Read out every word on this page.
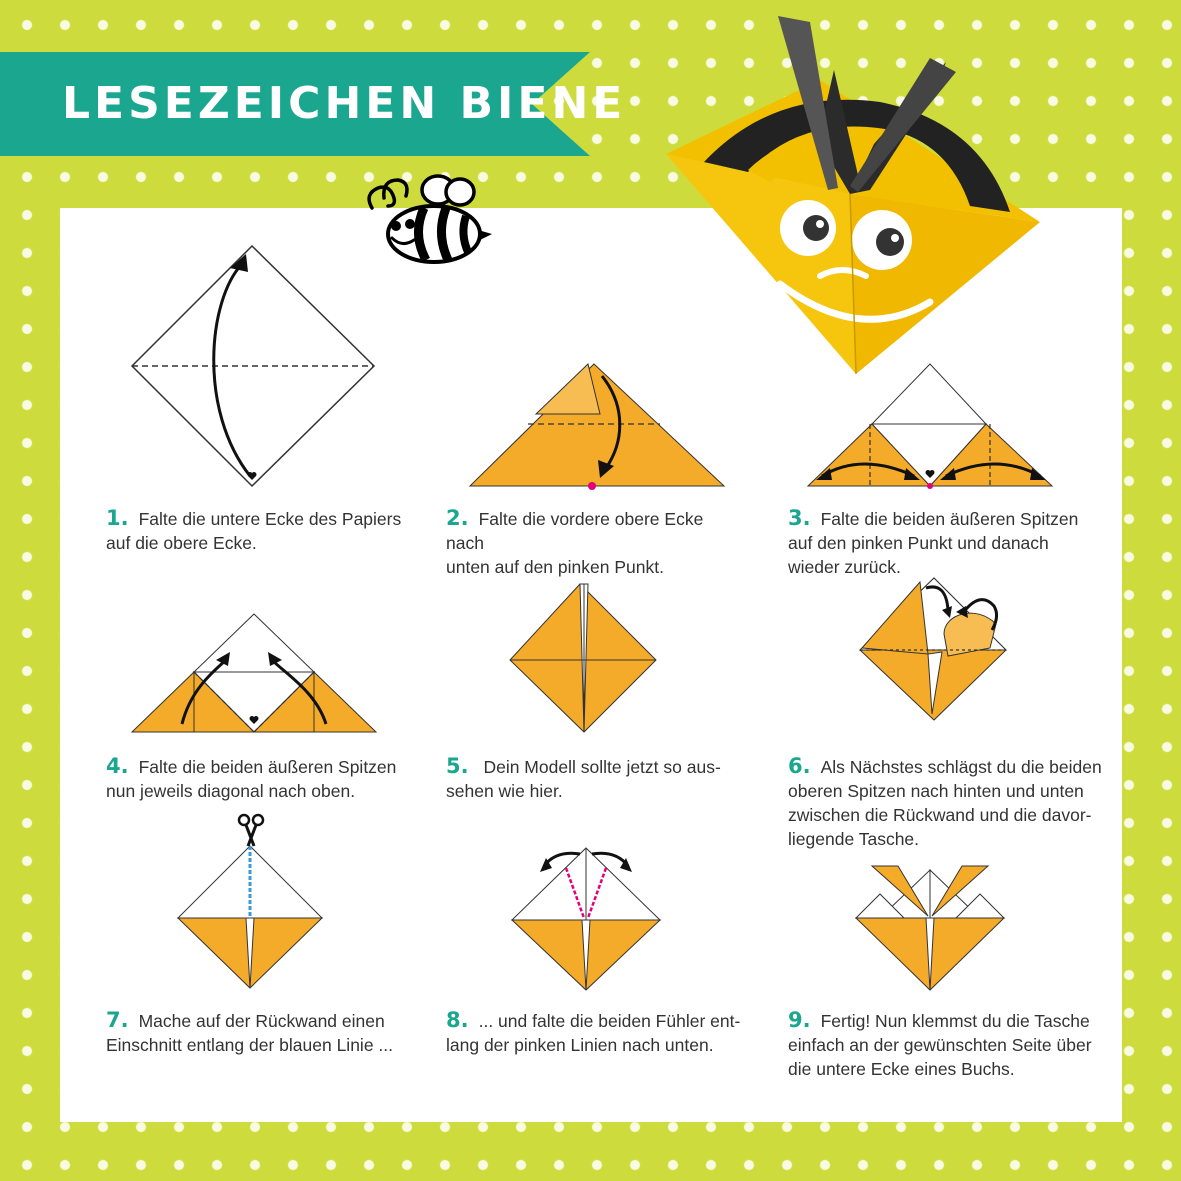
LESEZEICHEN BIENE
1. Falte die untere Ecke des Papiers
auf die obere Ecke.
2. Falte die vordere obere Ecke nach
unten auf den pinken Punkt.
3. Falte die beiden äußeren Spitzen
auf den pinken Punkt und danach
wieder zurück.
4. Falte die beiden äußeren Spitzen
nun jeweils diagonal nach oben.
5. Dein Modell sollte jetzt so aus-
sehen wie hier.
6. Als Nächstes schlägst du die beiden
oberen Spitzen nach hinten und unten
zwischen die Rückwand und die davor-
liegende Tasche.
7. Mache auf der Rückwand einen
Einschnitt entlang der blauen Linie ...
8. ... und falte die beiden Fühler ent-
lang der pinken Linien nach unten.
9. Fertig! Nun klemmst du die Tasche
einfach an der gewünschten Seite über
die untere Ecke eines Buchs.
